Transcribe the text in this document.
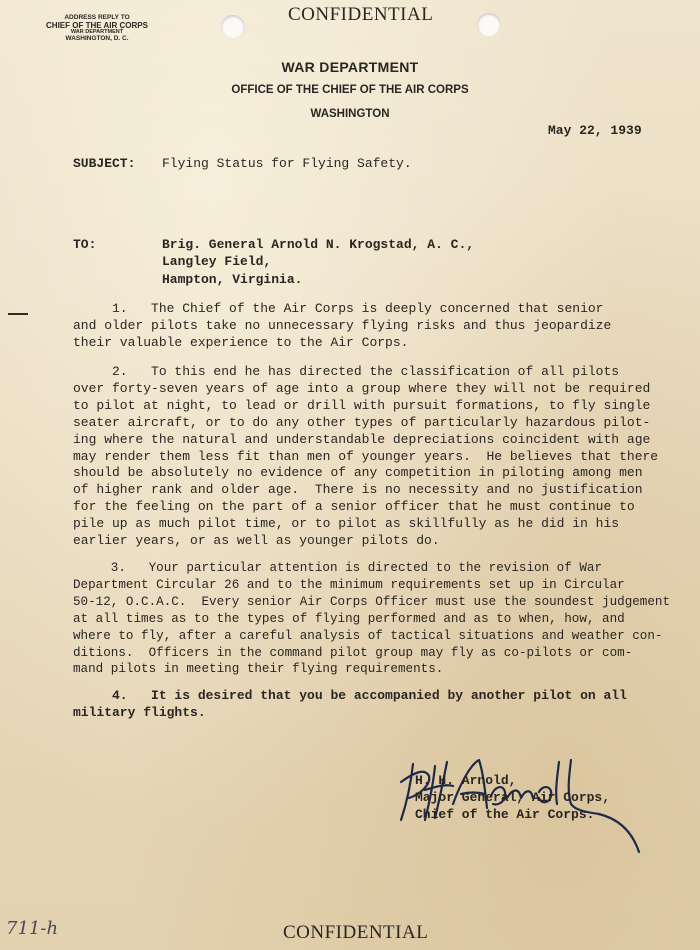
ADDRESS REPLY TO
CHIEF OF THE AIR CORPS
WAR DEPARTMENT
WASHINGTON, D. C.
CONFIDENTIAL
WAR DEPARTMENT
OFFICE OF THE CHIEF OF THE AIR CORPS
WASHINGTON
May 22, 1939
SUBJECT: Flying Status for Flying Safety.
TO:	Brig. General Arnold N. Krogstad, A. C.,
Langley Field,
Hampton, Virginia.
1.   The Chief of the Air Corps is deeply concerned that senior
and older pilots take no unnecessary flying risks and thus jeopardize
their valuable experience to the Air Corps.
2.   To this end he has directed the classification of all pilots
over forty-seven years of age into a group where they will not be required
to pilot at night, to lead or drill with pursuit formations, to fly single
seater aircraft, or to do any other types of particularly hazardous pilot-
ing where the natural and understandable depreciations coincident with age
may render them less fit than men of younger years.  He believes that there
should be absolutely no evidence of any competition in piloting among men
of higher rank and older age.  There is no necessity and no justification
for the feeling on the part of a senior officer that he must continue to
pile up as much pilot time, or to pilot as skillfully as he did in his
earlier years, or as well as younger pilots do.
3.   Your particular attention is directed to the revision of War
Department Circular 26 and to the minimum requirements set up in Circular
50-12, O.C.A.C.  Every senior Air Corps Officer must use the soundest judgement
at all times as to the types of flying performed and as to when, how, and
where to fly, after a careful analysis of tactical situations and weather con-
ditions.  Officers in the command pilot group may fly as co-pilots or com-
mand pilots in meeting their flying requirements.
4.   It is desired that you be accompanied by another pilot on all
military flights.
H. H. Arnold,
Major General, Air Corps,
Chief of the Air Corps.
711-h	CONFIDENTIAL
